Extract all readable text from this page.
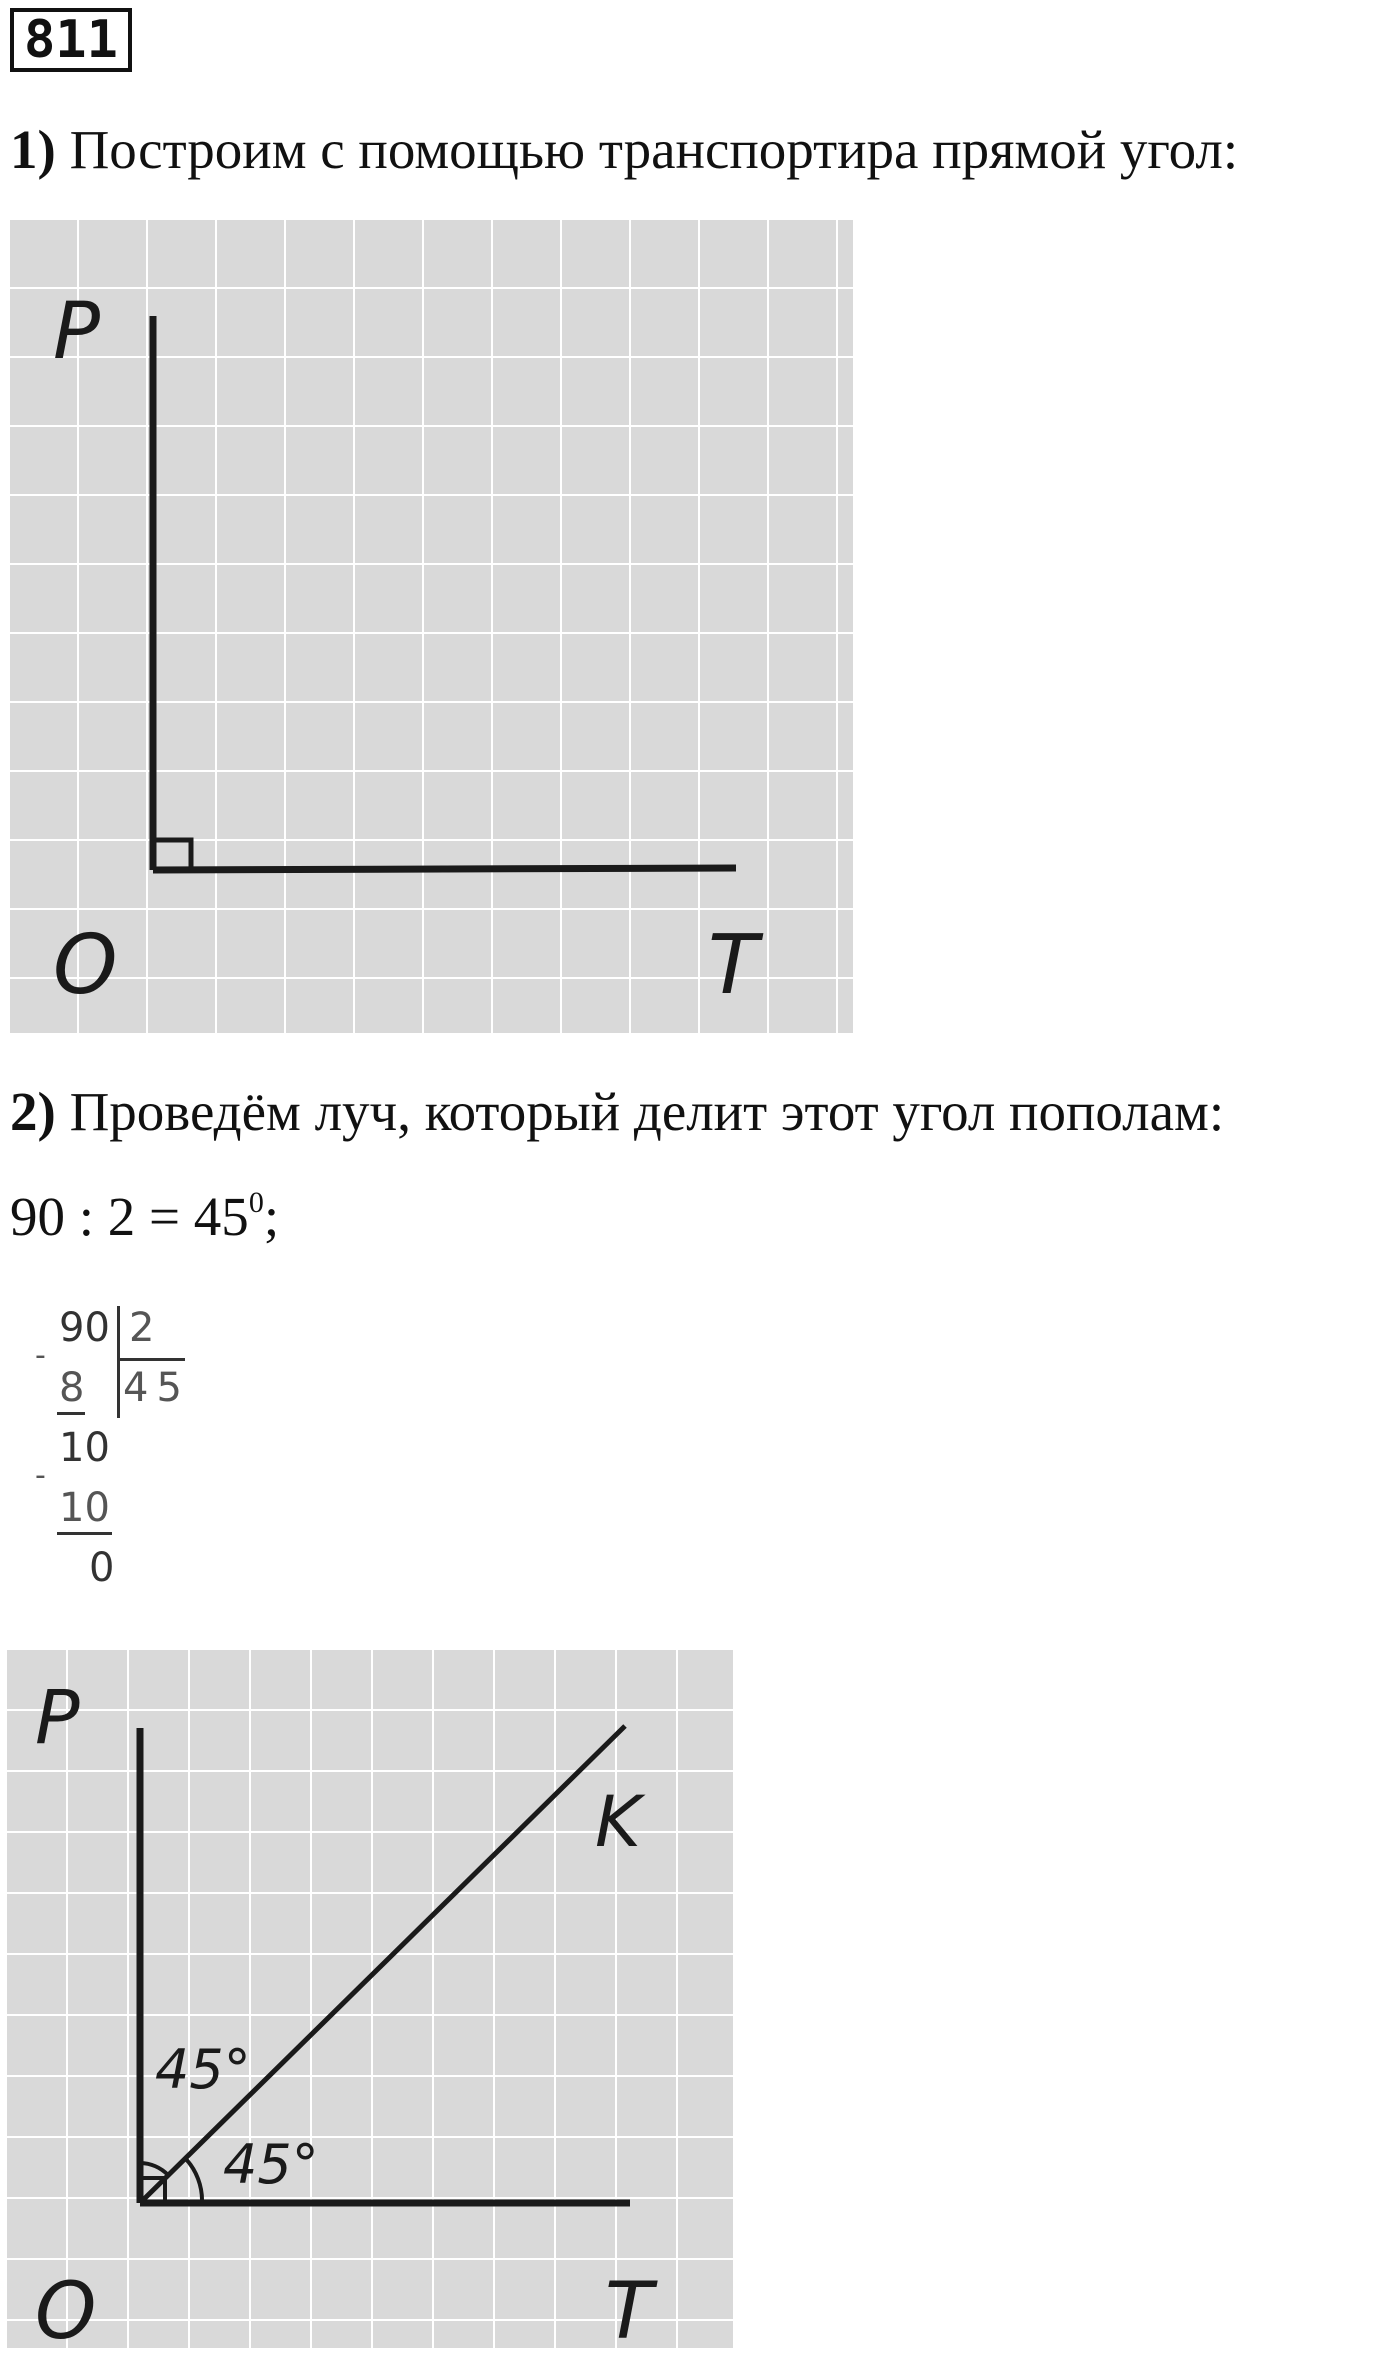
811
1) Построим с помощью транспортира прямой угол:
P
O	T
2) Проведём луч, который делит этот угол пополам:
90 : $2 = 45^0$;
90 2
-
8 45
10
-
10
0
P
O	T
K
45°
45°
